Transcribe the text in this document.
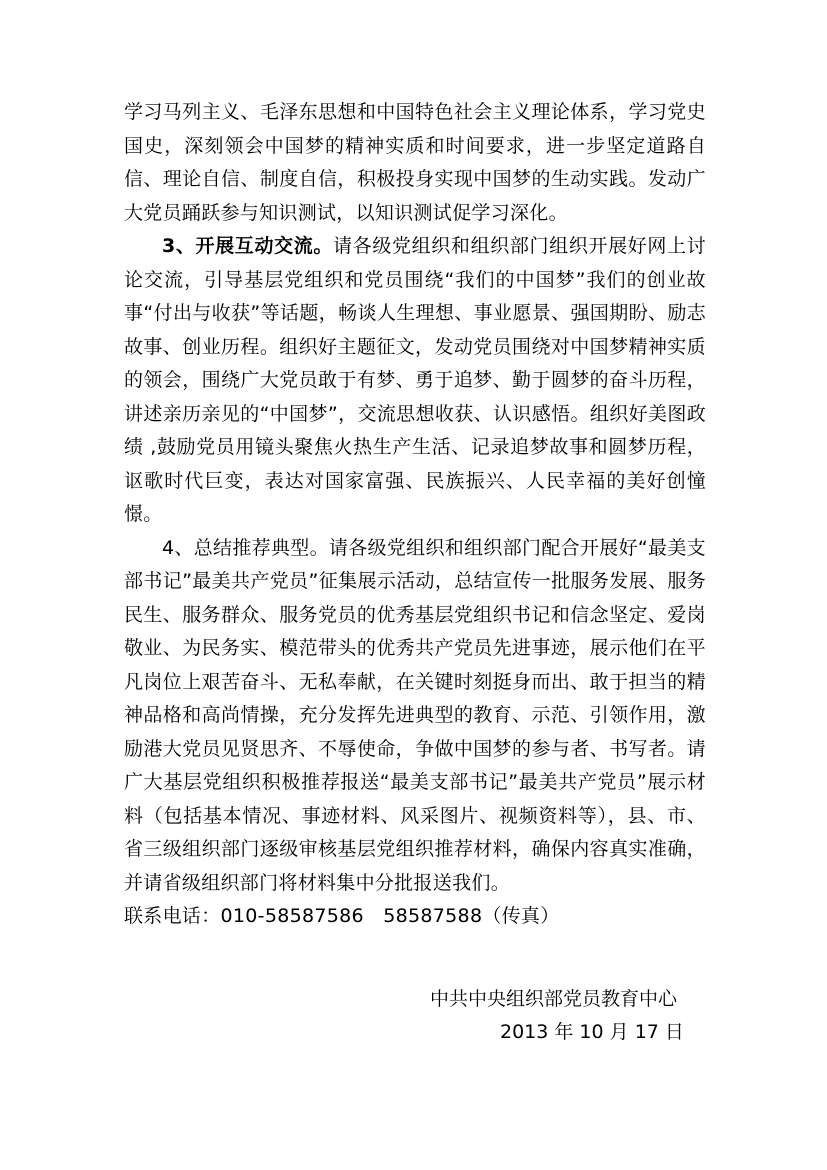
学习马列主义、毛泽东思想和中国特色社会主义理论体系，学习党史国史，深刻领会中国梦的精神实质和时间要求，进一步坚定道路自信、理论自信、制度自信，积极投身实现中国梦的生动实践。发动广大党员踊跃参与知识测试，以知识测试促学习深化。

3、开展互动交流。请各级党组织和组织部门组织开展好网上讨论交流，引导基层党组织和党员围绕“我们的中国梦”我们的创业故事“付出与收获”等话题，畅谈人生理想、事业愿景、强国期盼、励志故事、创业历程。组织好主题征文，发动党员围绕对中国梦精神实质的领会，围绕广大党员敢于有梦、勇于追梦、勤于圆梦的奋斗历程，讲述亲历亲见的“中国梦”，交流思想收获、认识感悟。组织好美图政绩 ,鼓励党员用镜头聚焦火热生产生活、记录追梦故事和圆梦历程，讴歌时代巨变，表达对国家富强、民族振兴、人民幸福的美好创憧憬。

4、总结推荐典型。请各级党组织和组织部门配合开展好“最美支部书记”最美共产党员”征集展示活动，总结宣传一批服务发展、服务民生、服务群众、服务党员的优秀基层党组织书记和信念坚定、爱岗敬业、为民务实、模范带头的优秀共产党员先进事迹，展示他们在平凡岗位上艰苦奋斗、无私奉献，在关键时刻挺身而出、敢于担当的精神品格和高尚情操，充分发挥先进典型的教育、示范、引领作用，激励港大党员见贤思齐、不辱使命，争做中国梦的参与者、书写者。请广大基层党组织积极推荐报送“最美支部书记”最美共产党员”展示材料（包括基本情况、事迹材料、风采图片、视频资料等），县、市、省三级组织部门逐级审核基层党组织推荐材料，确保内容真实准确，并请省级组织部门将材料集中分批报送我们。

联系电话：010-58587586　58587588（传真）

中共中央组织部党员教育中心
2013 年 10 月 17 日
